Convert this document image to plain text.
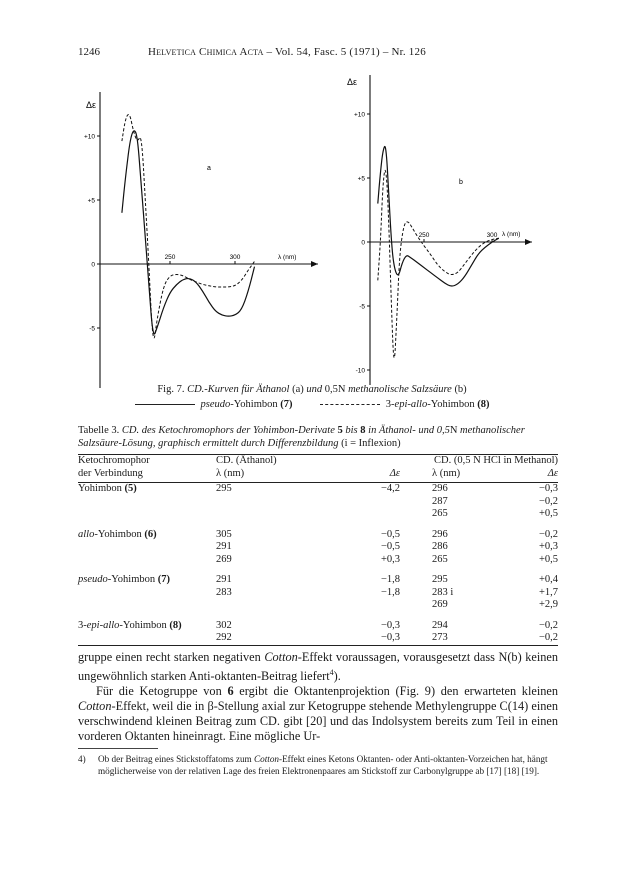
1246	Helvetica Chimica Acta – Vol. 54, Fasc. 5 (1971) – Nr. 126
Δε
λ (nm)
+10
+5
0
-5
250	300
a
Δε
λ (nm)
+10
+5
0
-5
-10
250	300
b
Fig. 7. CD.-Kurven für Äthanol (a) und 0,5N methanolische Salzsäure (b)
pseudo-Yohimbon (7)	3-epi-allo-Yohimbon (8)
Tabelle 3. CD. des Ketochromophors der Yohimbon-Derivate 5 bis 8 in Äthanol- und 0,5N methanolischer Salzsäure-Lösung, graphisch ermittelt durch Differenzbildung (i = Inflexion)
Ketochromophor	CD. (Äthanol)		CD. (0,5 N HCl in Methanol)	
der Verbindung	λ (nm)	Δε	λ (nm)	Δε

Yohimbon (5)	295	−4,2	296	−0,3
			287	−0,2
			265	+0,5

allo-Yohimbon (6)	305	−0,5	296	−0,2
	291	−0,5	286	+0,3
	269	+0,3	265	+0,5

pseudo-Yohimbon (7)	291	−1,8	295	+0,4
	283	−1,8	283 i	+1,7
			269	+2,9

3-epi-allo-Yohimbon (8)	302	−0,3	294	−0,2
	292	−0,3	273	−0,2

gruppe einen recht starken negativen Cotton-Effekt voraussagen, vorausgesetzt dass N(b) keinen ungewöhnlich starken Anti-oktanten-Beitrag liefert$^4$).

Für die Ketogruppe von 6 ergibt die Oktantenprojektion (Fig. 9) den erwarteten kleinen Cotton-Effekt, weil die in β-Stellung axial zur Ketogruppe stehende Methylengruppe C(14) einen verschwindend kleinen Beitrag zum CD. gibt [20] und das Indolsystem bereits zum Teil in einen vorderen Oktanten hineinragt. Eine mögliche Ur-

4)	Ob der Beitrag eines Stickstoffatoms zum Cotton-Effekt eines Ketons Oktanten- oder Anti-oktanten-Vorzeichen hat, hängt möglicherweise von der relativen Lage des freien Elektronenpaares am Stickstoff zur Carbonylgruppe ab [17] [18] [19].
